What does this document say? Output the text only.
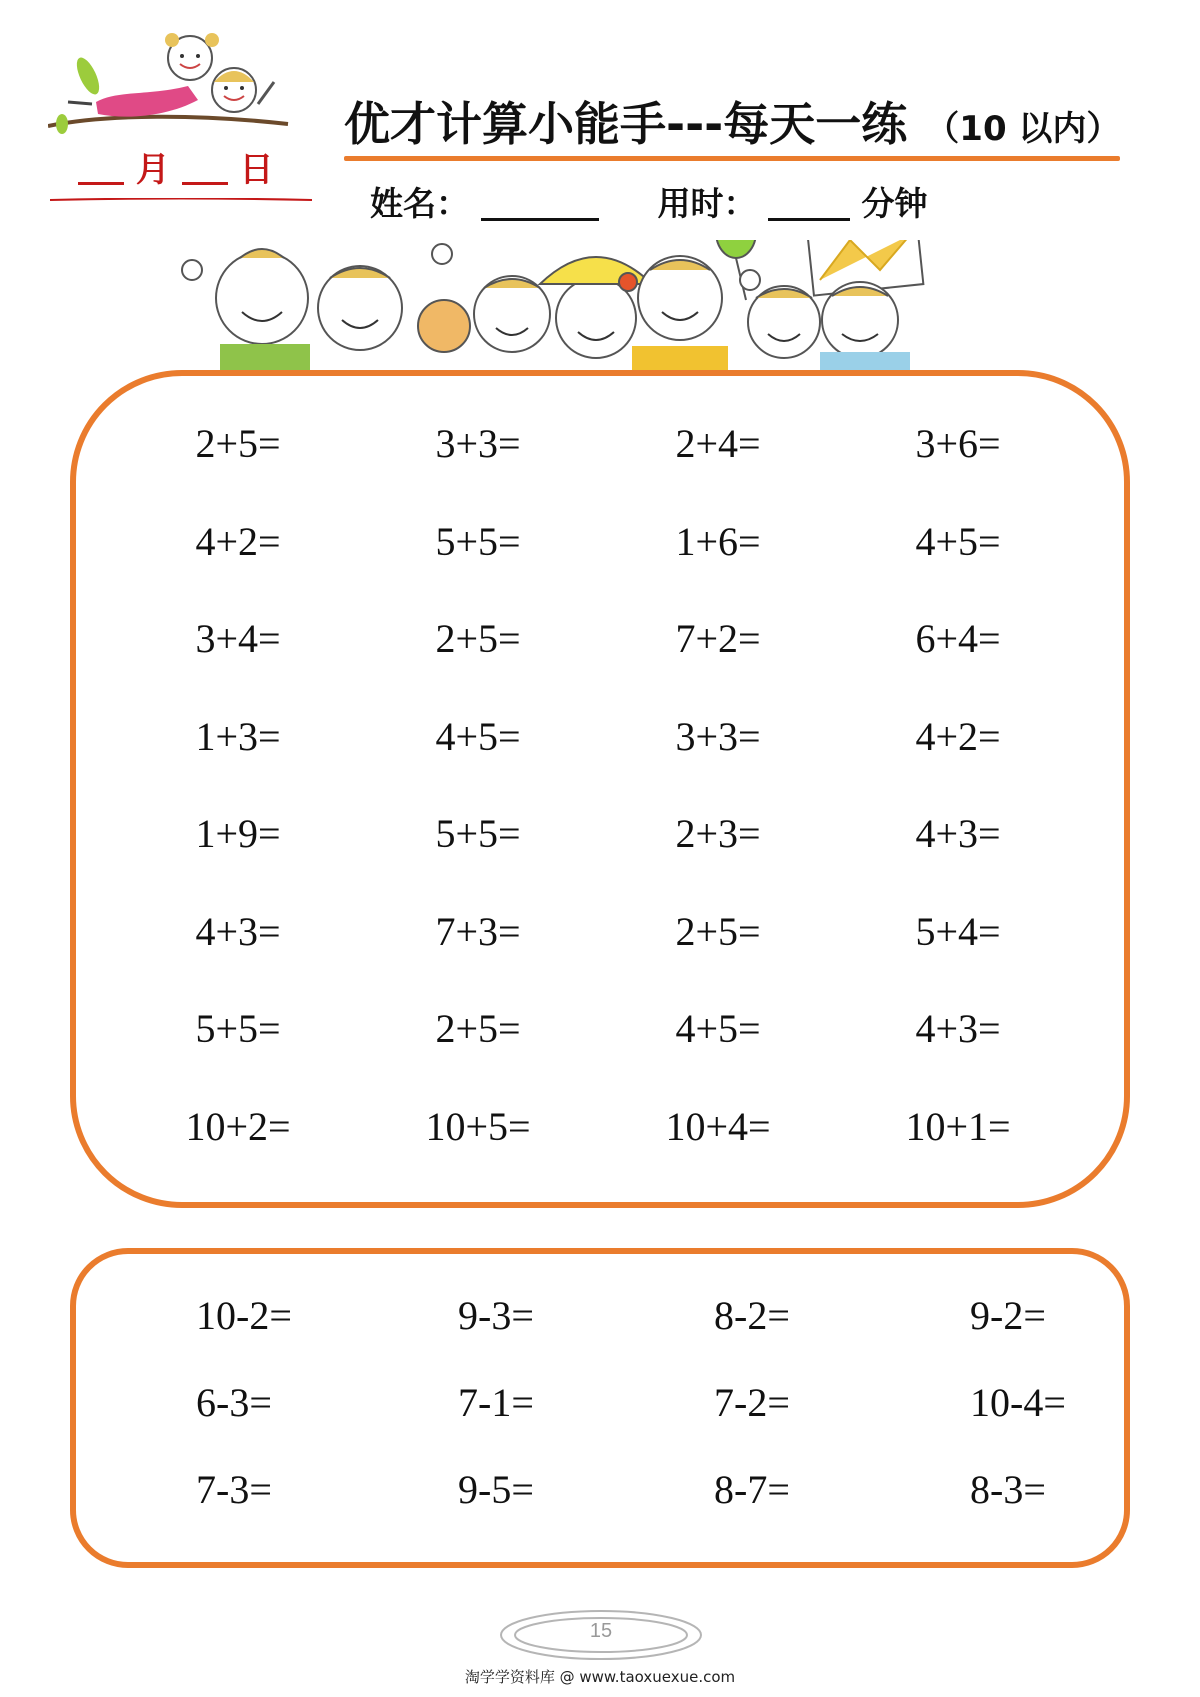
月 日
优才计算小能手---每天一练 （10 以内）
姓名：	用时：	分钟
2+5=	3+3=	2+4=	3+6=
4+2=	5+5=	1+6=	4+5=
3+4=	2+5=	7+2=	6+4=
1+3=	4+5=	3+3=	4+2=
1+9=	5+5=	2+3=	4+3=
4+3=	7+3=	2+5=	5+4=
5+5=	2+5=	4+5=	4+3=
10+2=	10+5=	10+4=	10+1=
10-2=	9-3=	8-2=	9-2=
6-3=	7-1=	7-2=	10-4=
7-3=	9-5=	8-7=	8-3=
15
淘学学资料库 @ www.taoxuexue.com
